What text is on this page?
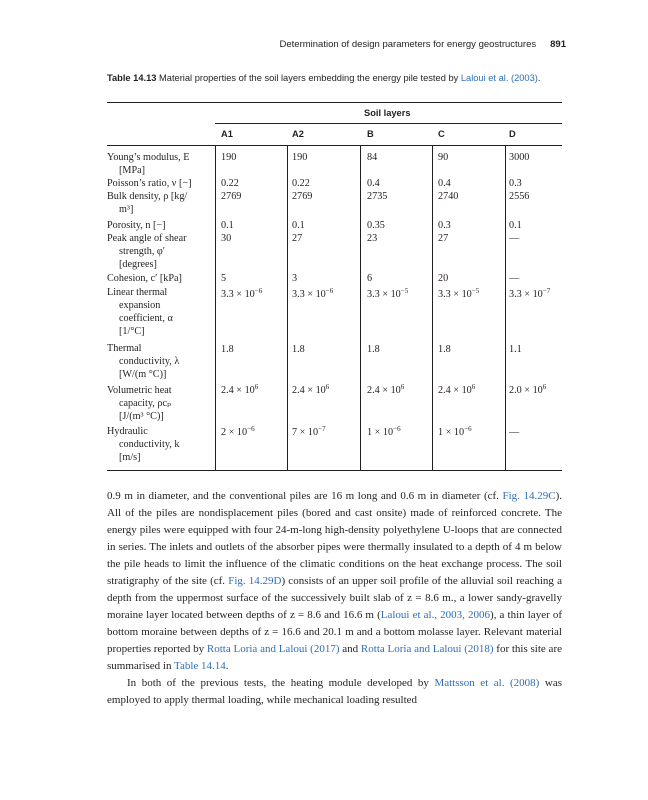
Determination of design parameters for energy geostructures 891
Table 14.13 Material properties of the soil layers embedding the energy pile tested by Laloui et al. (2003).
Soil layers
A1	A2	B	C	D
Young’s modulus, E
[MPa]
190	190	84	90	3000
Poisson’s ratio, ν [−]	0.22	0.22	0.4	0.4	0.3
Bulk density, ρ [kg/
m³]
2769	2769	2735	2740	2556
Porosity, n [−]	0.1	0.1	0.35	0.3	0.1
Peak angle of shear
strength, φ′
[degrees]
30	27	23	27	—
Cohesion, c′ [kPa]	5	3	6	20	—
Linear thermal
expansion
coefficient, α
[1/°C]
$3.3 \times 10^{-6}$	$3.3 \times 10^{-6}$	$3.3 \times 10^{-5}$	$3.3 \times 10^{-5}$	$3.3 \times 10^{-7}$
Thermal
conductivity, λ
[W/(m °C)]
1.8	1.8	1.8	1.8	1.1
Volumetric heat
capacity, ρcₚ
[J/(m³ °C)]
$2.4 \times 10^6$	$2.4 \times 10^6$	$2.4 \times 10^6$	$2.4 \times 10^6$	$2.0 \times 10^6$
Hydraulic
conductivity, k
[m/s]
$2 \times 10^{-6}$	$7 \times 10^{-7}$	$1 \times 10^{-6}$	$1 \times 10^{-6}$	—

0.9 m in diameter, and the conventional piles are 16 m long and 0.6 m in diameter (cf. Fig. 14.29C). All of the piles are nondisplacement piles (bored and cast onsite) made of reinforced concrete. The energy piles were equipped with four 24-m-long high-density polyethylene U-loops that are connected in series. The inlets and outlets of the absorber pipes were thermally insulated to a depth of 4 m below the pile heads to limit the influence of the climatic conditions on the heat exchange process. The soil stratigraphy of the site (cf. Fig. 14.29D) consists of an upper soil profile of the alluvial soil reaching a depth from the uppermost surface of the successively built slab of z = 8.6 m., a lower sandy-gravelly moraine layer located between depths of z = 8.6 and 16.6 m (Laloui et al., 2003, 2006), a thin layer of bottom moraine between depths of z = 16.6 and 20.1 m and a bottom molasse layer. Relevant material properties reported by Rotta Loria and Laloui (2017) and Rotta Loria and Laloui (2018) for this site are summarised in Table 14.14.

In both of the previous tests, the heating module developed by Mattsson et al. (2008) was employed to apply thermal loading, while mechanical loading resulted
